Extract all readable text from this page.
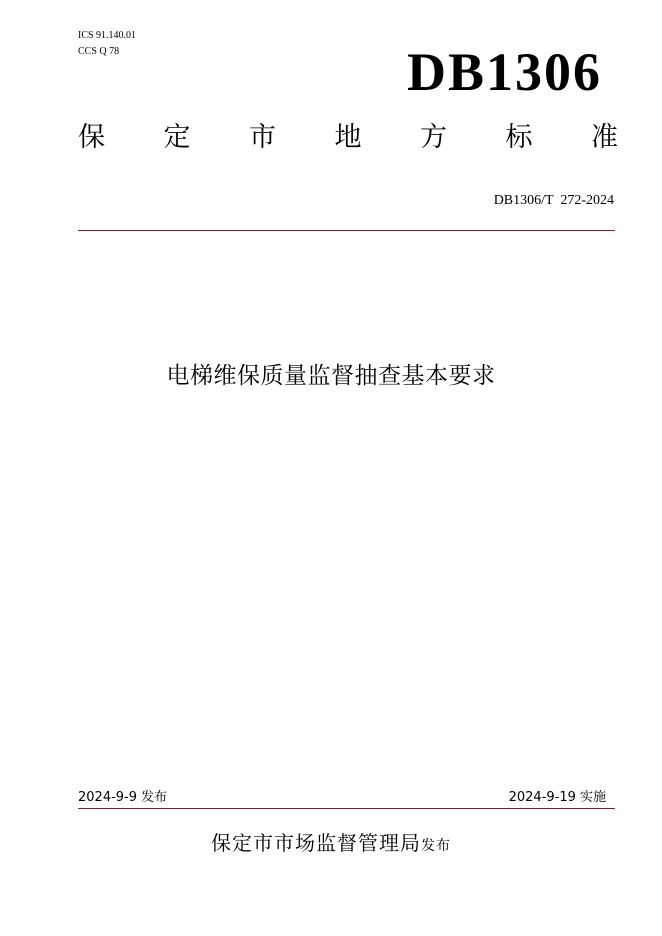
ICS 91.140.01
CCS Q 78	DB1306
保 定 市 地 方 标 准
DB1306/T  272-2024
电梯维保质量监督抽查基本要求
2024-9-9 发布	2024-9-19 实施
保定市市场监督管理局发布
